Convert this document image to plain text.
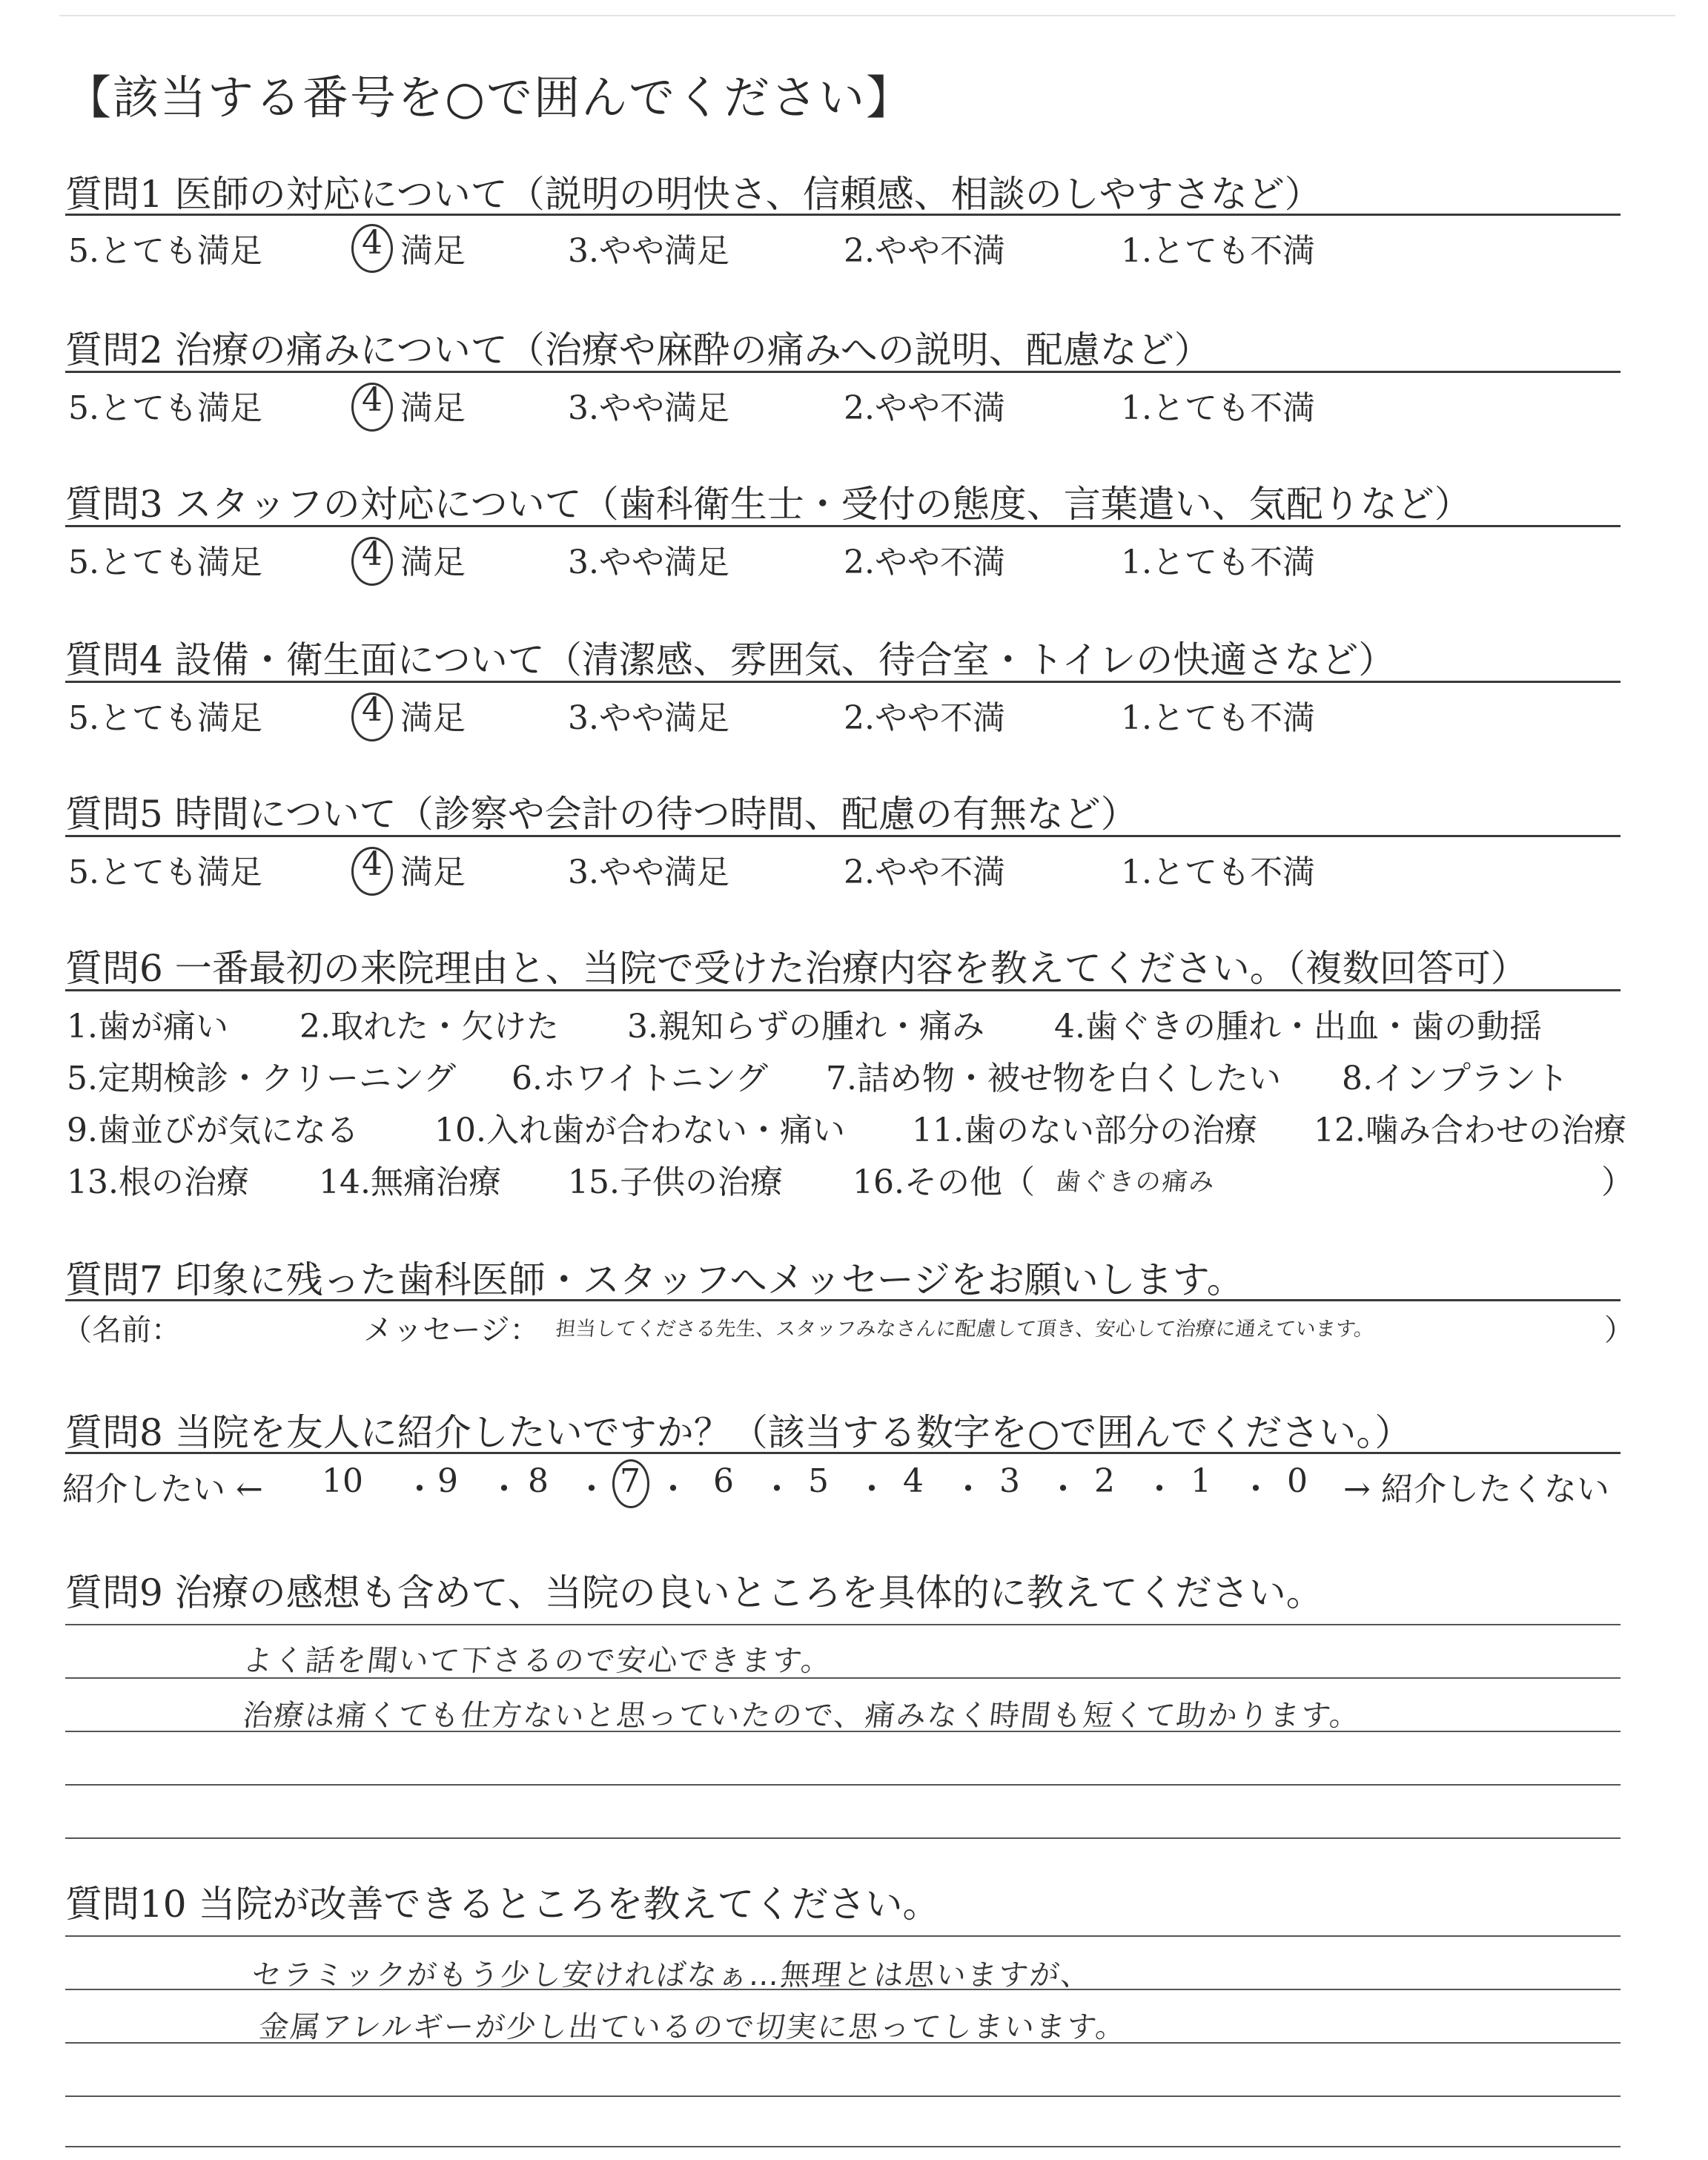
【該当する番号を○で囲んでください】
質問1 医師の対応について（説明の明快さ、信頼感、相談のしやすさなど）
5.とても満足	4 満足	3.やや満足	2.やや不満	1.とても不満
質問2 治療の痛みについて（治療や麻酔の痛みへの説明、配慮など）
5.とても満足	4 満足	3.やや満足	2.やや不満	1.とても不満
質問3 スタッフの対応について（歯科衛生士・受付の態度、言葉遣い、気配りなど）
5.とても満足	4 満足	3.やや満足	2.やや不満	1.とても不満
質問4 設備・衛生面について（清潔感、雰囲気、待合室・トイレの快適さなど）
5.とても満足	4 満足	3.やや満足	2.やや不満	1.とても不満
質問5 時間について（診察や会計の待つ時間、配慮の有無など）
5.とても満足	4 満足	3.やや満足	2.やや不満	1.とても不満
質問6 一番最初の来院理由と、当院で受けた治療内容を教えてください。（複数回答可）
1.歯が痛い 2.取れた・欠けた 3.親知らずの腫れ・痛み 4.歯ぐきの腫れ・出血・歯の動揺
5.定期検診・クリーニング 6.ホワイトニング 7.詰め物・被せ物を白くしたい 8.インプラント
9.歯並びが気になる 10.入れ歯が合わない・痛い 11.歯のない部分の治療 12.噛み合わせの治療
13.根の治療 14.無痛治療 15.子供の治療 16.その他（ 歯ぐきの痛み	）
質問7 印象に残った歯科医師・スタッフへメッセージをお願いします。
（名前：	メッセージ： 担当してくださる先生、スタッフみなさんに配慮して頂き、安心して治療に通えています。	）
質問8 当院を友人に紹介したいですか？（該当する数字を○で囲んでください。）
紹介したい ← 10 ・ 9 ・ 8 ・ 7 ・ 6 ・ 5 ・ 4 ・ 3 ・ 2 ・ 1 ・ 0 → 紹介したくない
質問9 治療の感想も含めて、当院の良いところを具体的に教えてください。
よく話を聞いて下さるので安心できます。
治療は痛くても仕方ないと思っていたので、痛みなく時間も短くて助かります。
質問10 当院が改善できるところを教えてください。
セラミックがもう少し安ければなぁ…無理とは思いますが、
金属アレルギーが少し出ているので切実に思ってしまいます。
